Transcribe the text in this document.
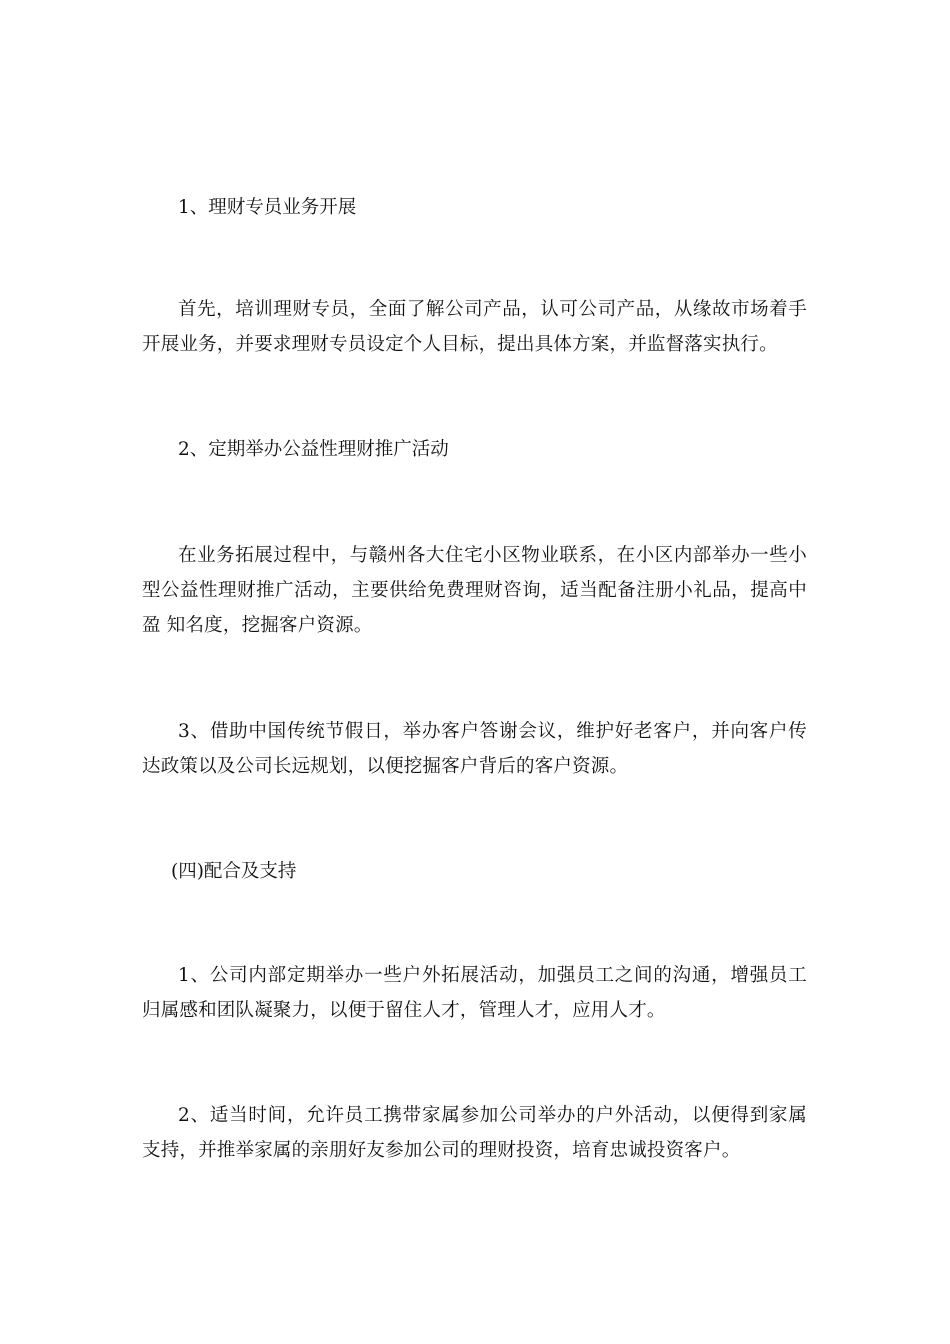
1、理财专员业务开展

首先，培训理财专员，全面了解公司产品，认可公司产品，从缘故市场着手开展业务，并要求理财专员设定个人目标，提出具体方案，并监督落实执行。

2、定期举办公益性理财推广活动

在业务拓展过程中，与赣州各大住宅小区物业联系，在小区内部举办一些小型公益性理财推广活动，主要供给免费理财咨询，适当配备注册小礼品，提高中盈 知名度，挖掘客户资源。

3、借助中国传统节假日，举办客户答谢会议，维护好老客户，并向客户传达政策以及公司长远规划，以便挖掘客户背后的客户资源。

(四)配合及支持

1、公司内部定期举办一些户外拓展活动，加强员工之间的沟通，增强员工归属感和团队凝聚力，以便于留住人才，管理人才，应用人才。

2、适当时间，允许员工携带家属参加公司举办的户外活动，以便得到家属支持，并推举家属的亲朋好友参加公司的理财投资，培育忠诚投资客户。
